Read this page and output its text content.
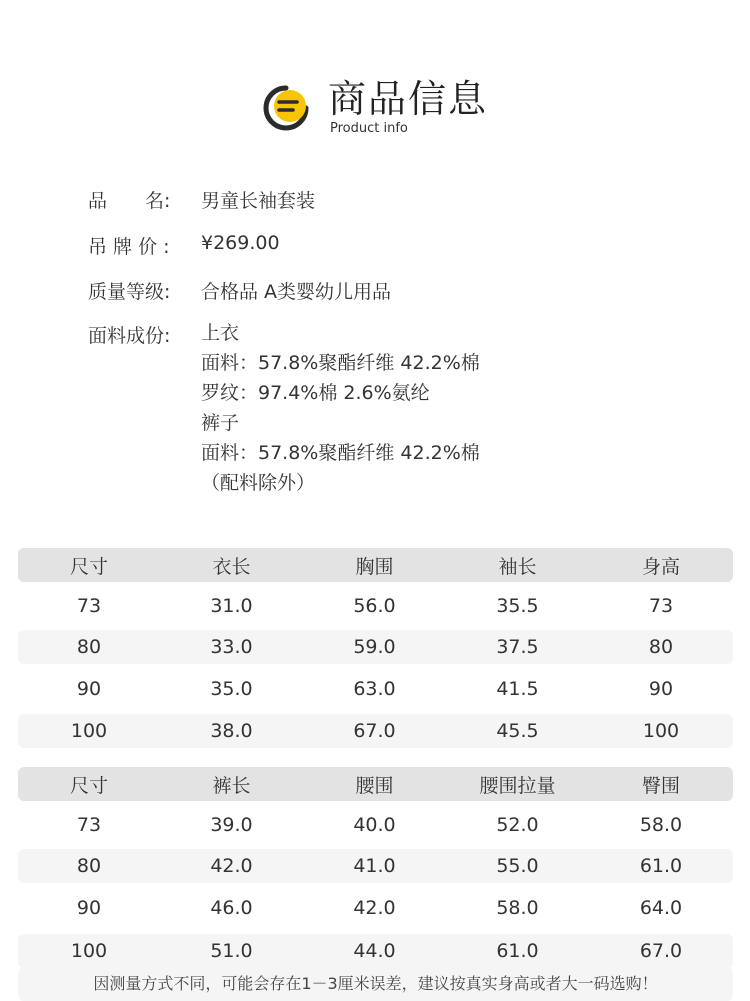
商品信息
Product info
品　　名:	男童长袖套装
吊 牌 价 :	¥269.00
质量等级:	合格品 A类婴幼儿用品
面料成份:	上衣
面料：57.8%聚酯纤维 42.2%棉
罗纹：97.4%棉 2.6%氨纶
裤子
面料：57.8%聚酯纤维 42.2%棉
（配料除外）
尺寸	衣长	胸围	袖长	身高
73	31.0	56.0	35.5	73
80	33.0	59.0	37.5	80
90	35.0	63.0	41.5	90
100	38.0	67.0	45.5	100
尺寸	裤长	腰围	腰围拉量	臀围
73	39.0	40.0	52.0	58.0
80	42.0	41.0	55.0	61.0
90	46.0	42.0	58.0	64.0
100	51.0	44.0	61.0	67.0
因测量方式不同，可能会存在1－3厘米误差，建议按真实身高或者大一码选购！
